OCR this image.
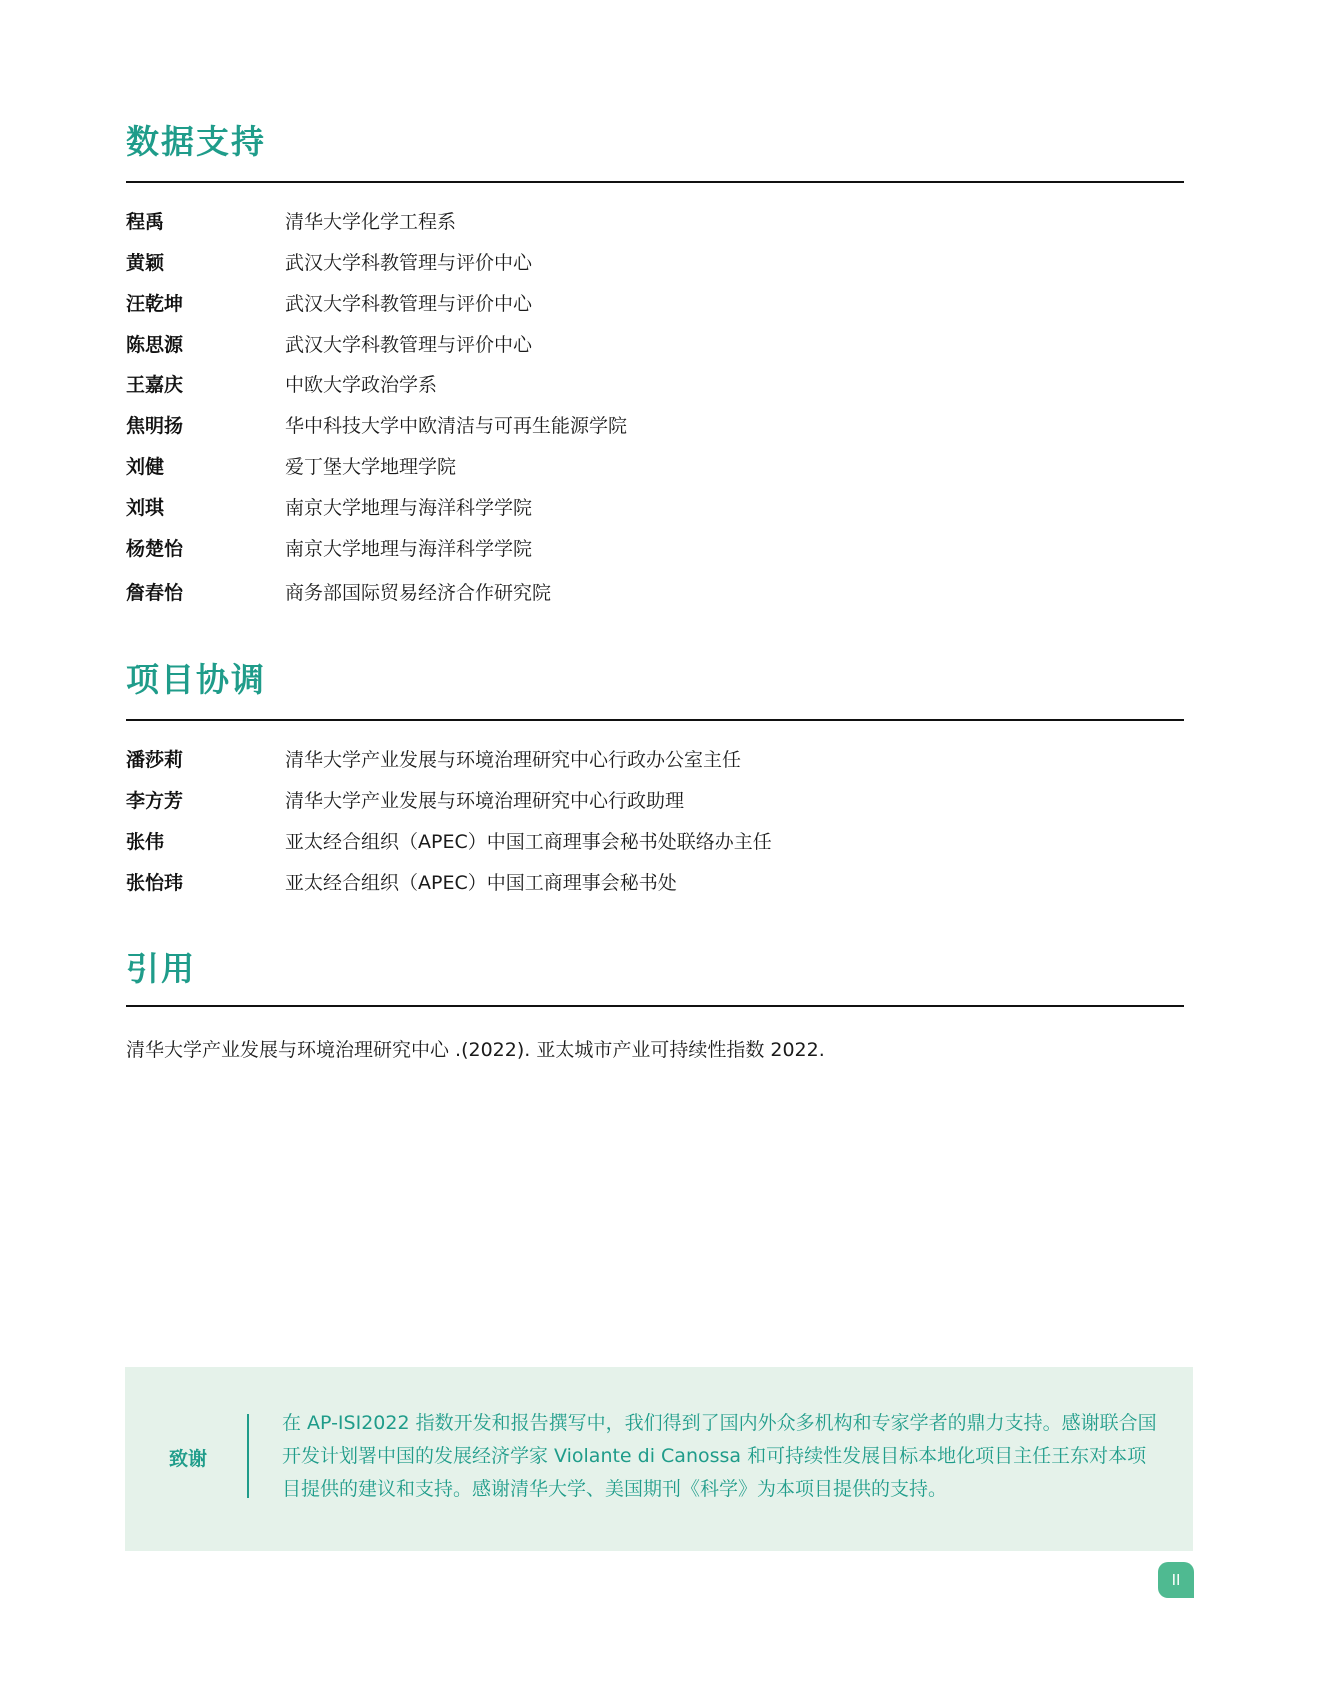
数据支持
程禹	清华大学化学工程系
黄颖	武汉大学科教管理与评价中心
汪乾坤	武汉大学科教管理与评价中心
陈思源	武汉大学科教管理与评价中心
王嘉庆	中欧大学政治学系
焦明扬	华中科技大学中欧清洁与可再生能源学院
刘健	爱丁堡大学地理学院
刘琪	南京大学地理与海洋科学学院
杨楚怡	南京大学地理与海洋科学学院
詹春怡	商务部国际贸易经济合作研究院
项目协调
潘莎莉	清华大学产业发展与环境治理研究中心行政办公室主任
李方芳	清华大学产业发展与环境治理研究中心行政助理
张伟	亚太经合组织（APEC）中国工商理事会秘书处联络办主任
张怡玮	亚太经合组织（APEC）中国工商理事会秘书处
引用
清华大学产业发展与环境治理研究中心 .(2022). 亚太城市产业可持续性指数 2022.
致谢

在 AP-ISI2022 指数开发和报告撰写中，我们得到了国内外众多机构和专家学者的鼎力支持。感谢联合国开发计划署中国的发展经济学家 Violante di Canossa 和可持续性发展目标本地化项目主任王东对本项目提供的建议和支持。感谢清华大学、美国期刊《科学》为本项目提供的支持。

II
